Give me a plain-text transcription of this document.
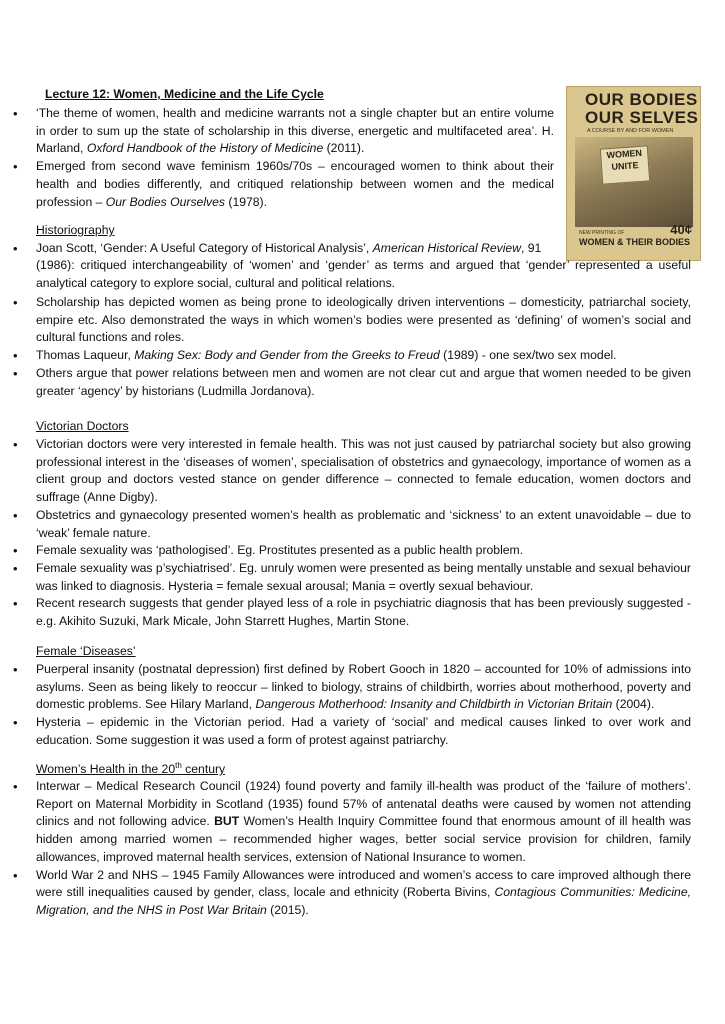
Lecture 12: Women, Medicine and the Life Cycle	OUR BODIES
OUR SELVES
A COURSE BY AND FOR WOMEN
WOMEN
UNITE
40¢
NEW PRINTING OF
WOMEN & THEIR BODIES
• ‘The theme of women, health and medicine warrants not a single chapter but an entire volume in order to sum up the state of scholarship in this diverse, energetic and multifaceted area’. H. Marland, Oxford Handbook of the History of Medicine (2011).
• Emerged from second wave feminism 1960s/70s – encouraged women to think about their health and bodies differently, and critiqued relationship between women and the medical profession – Our Bodies Ourselves (1978).
Historiography
• Joan Scott, ‘Gender: A Useful Category of Historical Analysis’, American Historical Review, 91
(1986): critiqued interchangeability of ‘women’ and ‘gender’ as terms and argued that ‘gender’ represented a useful analytical category to explore social, cultural and political relations.
• Scholarship has depicted women as being prone to ideologically driven interventions – domesticity, patriarchal society, empire etc. Also demonstrated the ways in which women’s bodies were presented as ‘defining’ of women’s social and cultural functions and roles.
• Thomas Laqueur, Making Sex: Body and Gender from the Greeks to Freud (1989) - one sex/two sex model.
• Others argue that power relations between men and women are not clear cut and argue that women needed to be given greater ‘agency’ by historians (Ludmilla Jordanova).
Victorian Doctors
• Victorian doctors were very interested in female health. This was not just caused by patriarchal society but also growing professional interest in the ‘diseases of women’, specialisation of obstetrics and gynaecology, importance of women as a client group and doctors vested stance on gender difference – connected to female education, women doctors and suffrage (Anne Digby).
• Obstetrics and gynaecology presented women’s health as problematic and ‘sickness’ to an extent unavoidable – due to ‘weak’ female nature.
• Female sexuality was ‘pathologised’. Eg. Prostitutes presented as a public health problem.
• Female sexuality was p’sychiatrised’. Eg. unruly women were presented as being mentally unstable and sexual behaviour was linked to diagnosis. Hysteria = female sexual arousal; Mania = overtly sexual behaviour.
• Recent research suggests that gender played less of a role in psychiatric diagnosis that has been previously suggested - e.g. Akihito Suzuki, Mark Micale, John Starrett Hughes, Martin Stone.
Female ‘Diseases’
• Puerperal insanity (postnatal depression) first defined by Robert Gooch in 1820 – accounted for 10% of admissions into asylums. Seen as being likely to reoccur – linked to biology, strains of childbirth, worries about motherhood, poverty and domestic problems. See Hilary Marland, Dangerous Motherhood: Insanity and Childbirth in Victorian Britain (2004).
• Hysteria – epidemic in the Victorian period. Had a variety of ‘social’ and medical causes linked to over work and education. Some suggestion it was used a form of protest against patriarchy.
Women’s Health in the 20th century
• Interwar – Medical Research Council (1924) found poverty and family ill-health was product of the ‘failure of mothers’. Report on Maternal Morbidity in Scotland (1935) found 57% of antenatal deaths were caused by women not attending clinics and not following advice. BUT Women’s Health Inquiry Committee found that enormous amount of ill health was hidden among married women – recommended higher wages, better social service provision for children, family allowances, improved maternal health services, extension of National Insurance to women.
• World War 2 and NHS – 1945 Family Allowances were introduced and women’s access to care improved although there were still inequalities caused by gender, class, locale and ethnicity (Roberta Bivins, Contagious Communities: Medicine, Migration, and the NHS in Post War Britain (2015).
